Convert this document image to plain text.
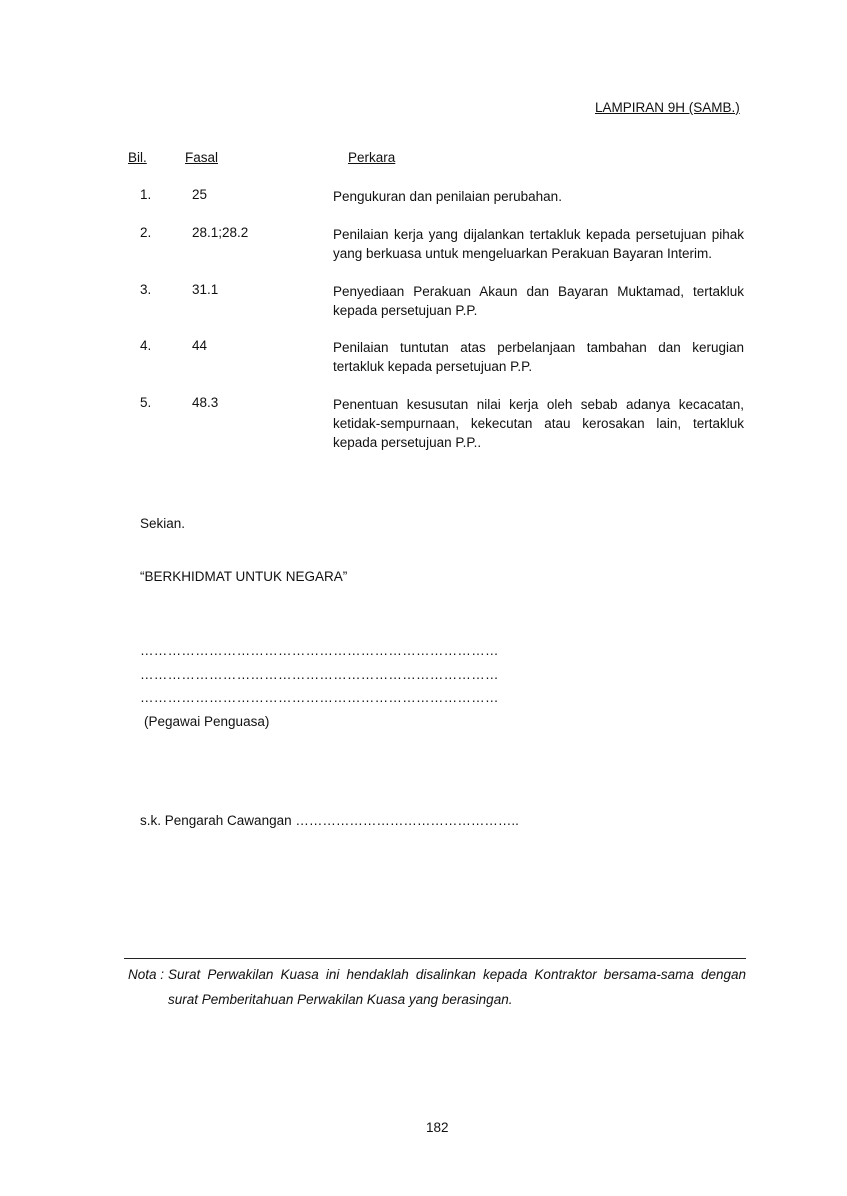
LAMPIRAN 9H (SAMB.)
Bil.	Fasal	Perkara
1.	25	Pengukuran dan penilaian perubahan.
2.	28.1;28.2	Penilaian kerja yang dijalankan tertakluk kepada persetujuan pihak yang berkuasa untuk mengeluarkan Perakuan Bayaran Interim.
3.	31.1	Penyediaan Perakuan Akaun dan Bayaran Muktamad, tertakluk kepada persetujuan P.P.
4.	44	Penilaian tuntutan atas perbelanjaan tambahan dan kerugian tertakluk kepada persetujuan P.P.
5.	48.3	Penentuan kesusutan nilai kerja oleh sebab adanya kecacatan, ketidak-sempurnaan, kekecutan atau kerosakan lain, tertakluk kepada persetujuan P.P..
Sekian.
“BERKHIDMAT UNTUK NEGARA”
……………………………………………………………………
……………………………………………………………………
……………………………………………………………………
(Pegawai Penguasa)
s.k. Pengarah Cawangan …………………………………………..
Nota : Surat Perwakilan Kuasa ini hendaklah disalinkan kepada Kontraktor bersama-sama dengan
surat Pemberitahuan Perwakilan Kuasa yang berasingan.
182
